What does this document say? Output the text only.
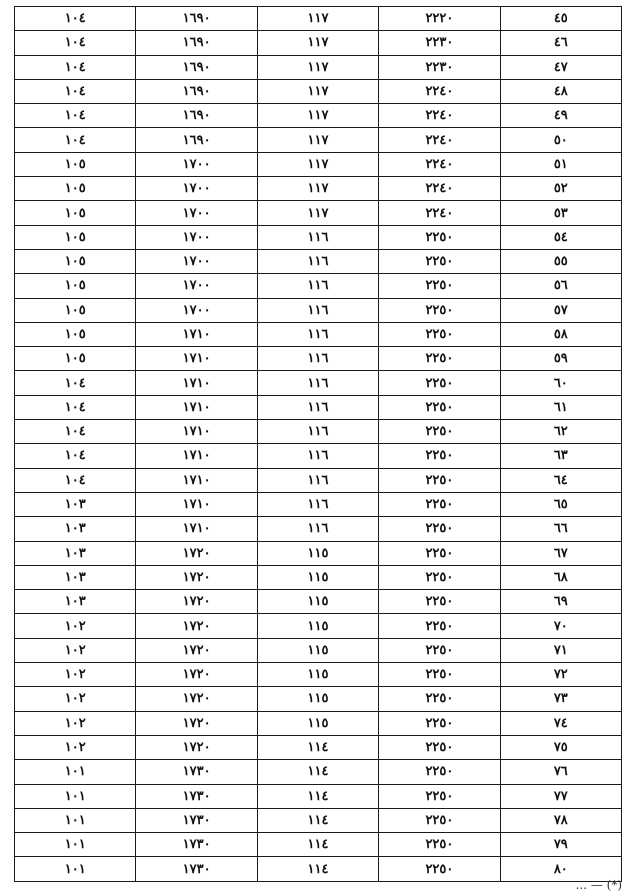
٤٥	٢٢٢٠	١١٧	١٦٩٠	١٠٤
٤٦	٢٢٣٠	١١٧	١٦٩٠	١٠٤
٤٧	٢٢٣٠	١١٧	١٦٩٠	١٠٤
٤٨	٢٢٤٠	١١٧	١٦٩٠	١٠٤
٤٩	٢٢٤٠	١١٧	١٦٩٠	١٠٤
٥٠	٢٢٤٠	١١٧	١٦٩٠	١٠٤
٥١	٢٢٤٠	١١٧	١٧٠٠	١٠٥
٥٢	٢٢٤٠	١١٧	١٧٠٠	١٠٥
٥٣	٢٢٤٠	١١٧	١٧٠٠	١٠٥
٥٤	٢٢٥٠	١١٦	١٧٠٠	١٠٥
٥٥	٢٢٥٠	١١٦	١٧٠٠	١٠٥
٥٦	٢٢٥٠	١١٦	١٧٠٠	١٠٥
٥٧	٢٢٥٠	١١٦	١٧٠٠	١٠٥
٥٨	٢٢٥٠	١١٦	١٧١٠	١٠٥
٥٩	٢٢٥٠	١١٦	١٧١٠	١٠٥
٦٠	٢٢٥٠	١١٦	١٧١٠	١٠٤
٦١	٢٢٥٠	١١٦	١٧١٠	١٠٤
٦٢	٢٢٥٠	١١٦	١٧١٠	١٠٤
٦٣	٢٢٥٠	١١٦	١٧١٠	١٠٤
٦٤	٢٢٥٠	١١٦	١٧١٠	١٠٤
٦٥	٢٢٥٠	١١٦	١٧١٠	١٠٣
٦٦	٢٢٥٠	١١٦	١٧١٠	١٠٣
٦٧	٢٢٥٠	١١٥	١٧٢٠	١٠٣
٦٨	٢٢٥٠	١١٥	١٧٢٠	١٠٣
٦٩	٢٢٥٠	١١٥	١٧٢٠	١٠٣
٧٠	٢٢٥٠	١١٥	١٧٢٠	١٠٢
٧١	٢٢٥٠	١١٥	١٧٢٠	١٠٢
٧٢	٢٢٥٠	١١٥	١٧٢٠	١٠٢
٧٣	٢٢٥٠	١١٥	١٧٢٠	١٠٢
٧٤	٢٢٥٠	١١٥	١٧٢٠	١٠٢
٧٥	٢٢٥٠	١١٤	١٧٢٠	١٠٢
٧٦	٢٢٥٠	١١٤	١٧٣٠	١٠١
٧٧	٢٢٥٠	١١٤	١٧٣٠	١٠١
٧٨	٢٢٥٠	١١٤	١٧٣٠	١٠١
٧٩	٢٢٥٠	١١٤	١٧٣٠	١٠١
٨٠	٢٢٥٠	١١٤	١٧٣٠	١٠١
(*) — ...
